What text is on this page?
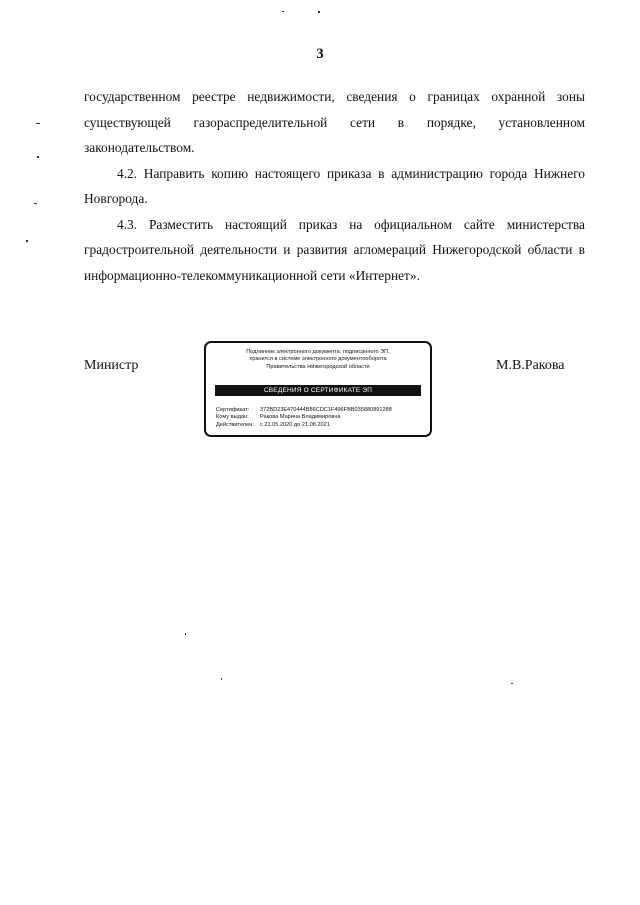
3

государственном реестре недвижимости, сведения о границах охранной зоны существующей газораспределительной сети в порядке, установленном законодательством.

4.2. Направить копию настоящего приказа в администрацию города Нижнего Новгорода.

4.3. Разместить настоящий приказ на официальном сайте министерства градостроительной деятельности и развития агломераций Нижегородской области в информационно-телекоммуникационной сети «Интернет».

Министр
Подлинник электронного документа, подписанного ЭП,
хранится в системе электронного документооборота
Правительства Нижегородской области
СВЕДЕНИЯ О СЕРТИФИКАТЕ ЭП
Сертификат: 372BD23E470444B86CDC1F496FBB035880891288
Кому выдан: Ракова Марина Владимировна
Действителен: с 21.05.2020 до 21.08.2021
М.В.Ракова
